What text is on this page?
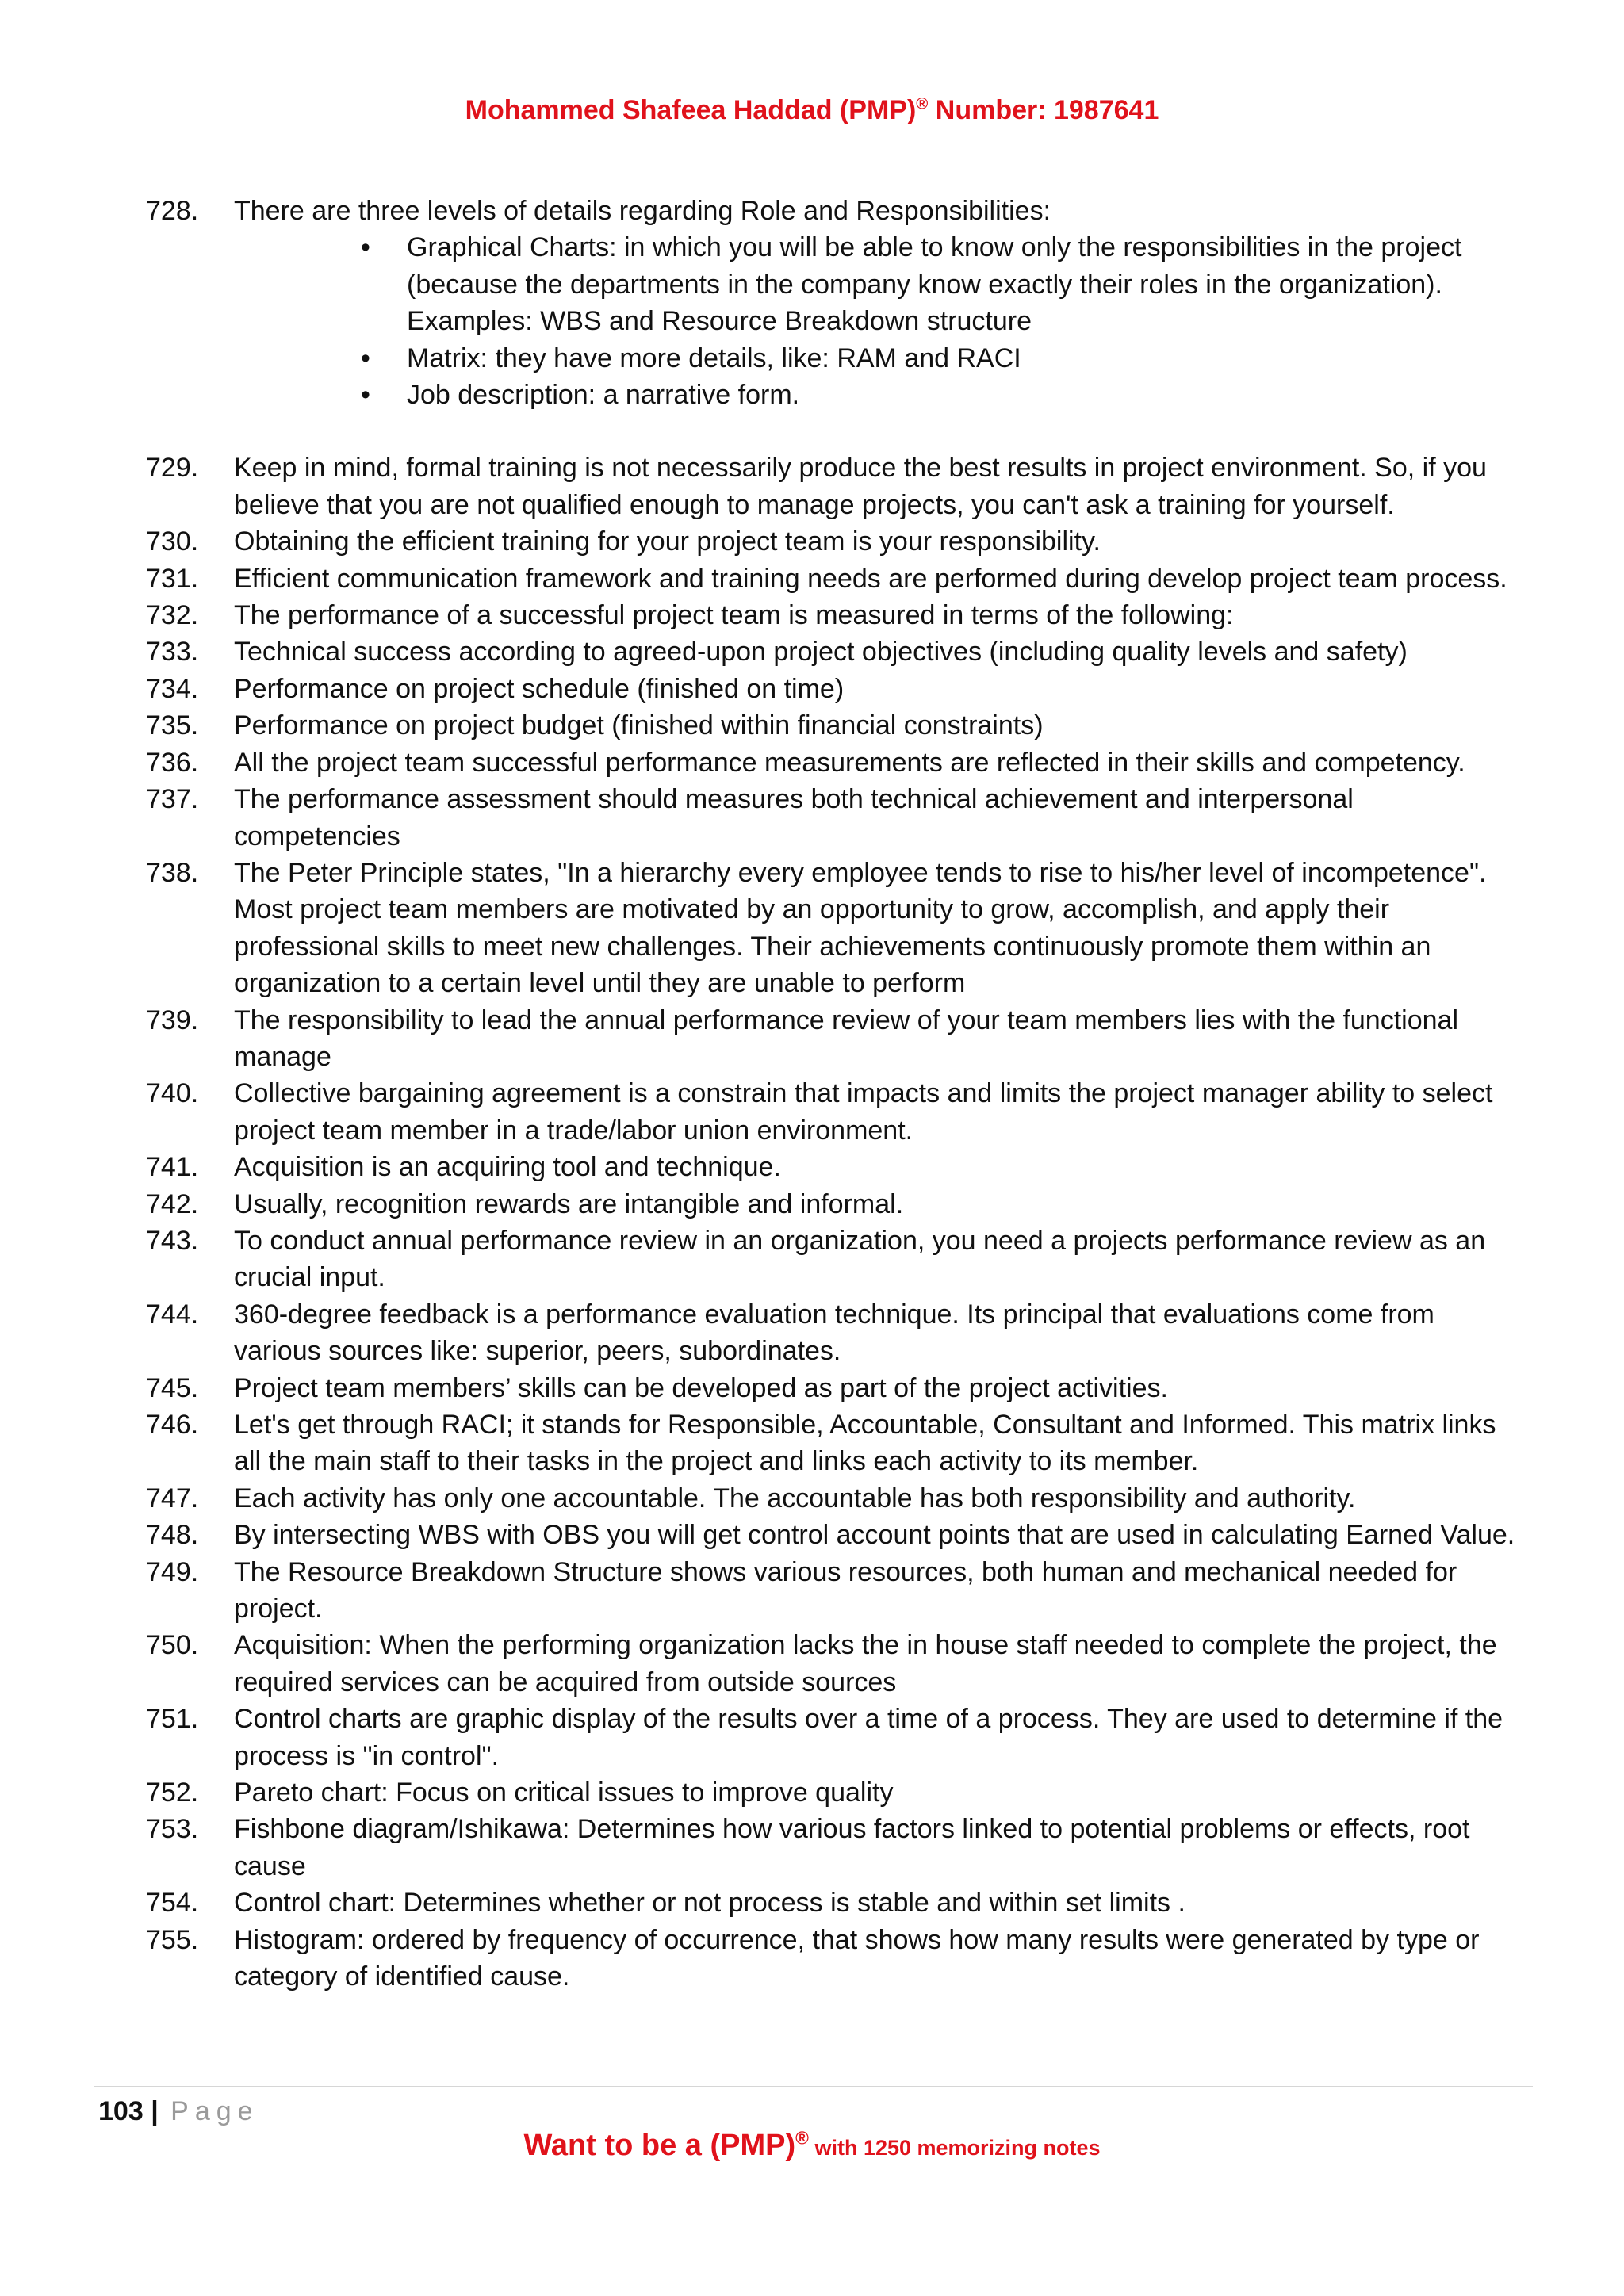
Mohammed Shafeea Haddad (PMP)® Number: 1987641
728.	There are three levels of details regarding Role and Responsibilities:
• Graphical Charts: in which you will be able to know only the responsibilities in the project (because the departments in the company know exactly their roles in the organization). Examples: WBS and Resource Breakdown structure
• Matrix: they have more details, like: RAM and RACI
• Job description: a narrative form.
729.	Keep in mind, formal training is not necessarily produce the best results in project environment. So, if you believe that you are not qualified enough to manage projects, you can't ask a training for yourself.
730.	Obtaining the efficient training for your project team is your responsibility.
731.	Efficient communication framework and training needs are performed during develop project team process.
732.	The performance of a successful project team is measured in terms of the following:
733.	Technical success according to agreed-upon project objectives (including quality levels and safety)
734.	Performance on project schedule (finished on time)
735.	Performance on project budget (finished within financial constraints)
736.	All the project team successful performance measurements are reflected in their skills and competency.
737.	The performance assessment should measures both technical achievement and interpersonal competencies
738.	The Peter Principle states, "In a hierarchy every employee tends to rise to his/her level of incompetence". Most project team members are motivated by an opportunity to grow, accomplish, and apply their professional skills to meet new challenges. Their achievements continuously promote them within an organization to a certain level until they are unable to perform
739.	The responsibility to lead the annual performance review of your team members lies with the functional manage
740.	Collective bargaining agreement is a constrain that impacts and limits the project manager ability to select project team member in a trade/labor union environment.
741.	Acquisition is an acquiring tool and technique.
742.	Usually, recognition rewards are intangible and informal.
743.	To conduct annual performance review in an organization, you need a projects performance review as an crucial input.
744.	360-degree feedback is a performance evaluation technique. Its principal that evaluations come from various sources like: superior, peers, subordinates.
745.	Project team members’ skills can be developed as part of the project activities.
746.	Let's get through RACI; it stands for Responsible, Accountable, Consultant and Informed. This matrix links all the main staff to their tasks in the project and links each activity to its member.
747.	Each activity has only one accountable. The accountable has both responsibility and authority.
748.	By intersecting WBS with OBS you will get control account points that are used in calculating Earned Value.
749.	The Resource Breakdown Structure shows various resources, both human and mechanical needed for project.
750.	Acquisition: When the performing organization lacks the in house staff needed to complete the project, the required services can be acquired from outside sources
751.	Control charts are graphic display of the results over a time of a process. They are used to determine if the process is "in control".
752.	Pareto chart: Focus on critical issues to improve quality
753.	Fishbone diagram/Ishikawa: Determines how various factors linked to potential problems or effects, root cause
754.	Control chart: Determines whether or not process is stable and within set limits .
755.	Histogram: ordered by frequency of occurrence, that shows how many results were generated by type or category of identified cause.
103 | Page
Want to be a (PMP)® with 1250 memorizing notes
